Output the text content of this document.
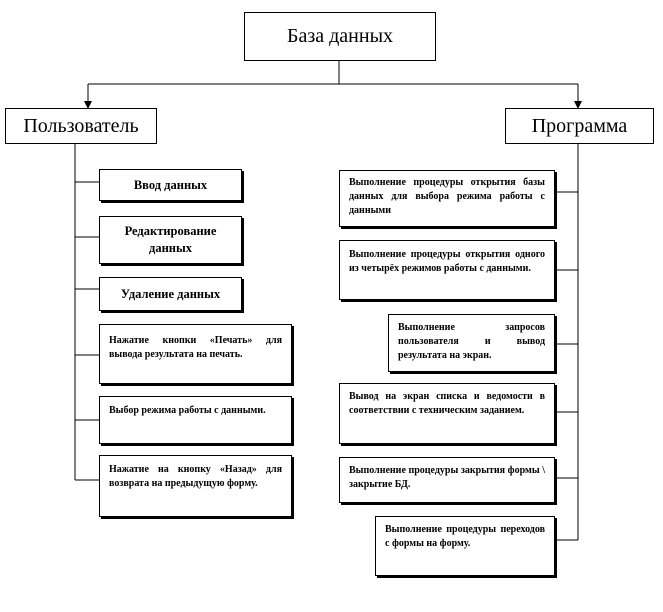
База данных
Пользователь	Программа
Ввод данных
Редактирование данных
Удаление данных
Нажатие кнопки «Печать» для вывода результата на печать.
Выбор режима работы с данными.
Нажатие на кнопку «Назад» для возврата на предыдущую форму.
Выполнение процедуры открытия базы данных для выбора режима работы с данными
Выполнение процедуры открытия одного из четырёх режимов работы с данными.
Выполнение запросов пользователя и вывод результата на экран.
Вывод на экран списка и ведомости в соответствии с техническим заданием.
Выполнение процедуры закрытия формы \ закрытие БД.
Выполнение процедуры переходов с формы на форму.
